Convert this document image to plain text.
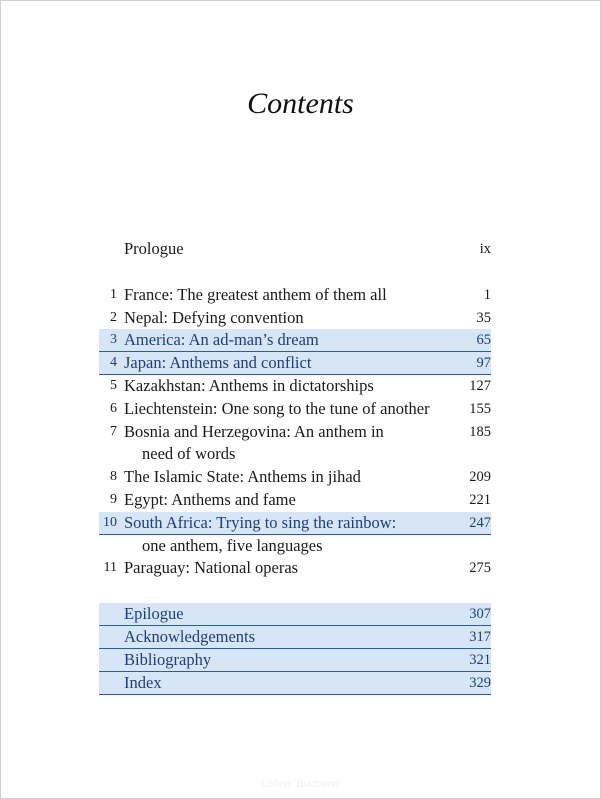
Contents
Prologue	ix
1 France: The greatest anthem of them all	1
2 Nepal: Defying convention	35
3 America: An ad-man’s dream	65
4 Japan: Anthems and conflict	97
5 Kazakhstan: Anthems in dictatorships	127
6 Liechtenstein: One song to the tune of another	155
7 Bosnia and Herzegovina: An anthem in	185
need of words
8 The Islamic State: Anthems in jihad	209
9 Egypt: Anthems and fame	221
10 South Africa: Trying to sing the rainbow:	247
one anthem, five languages
11 Paraguay: National operas	275
Epilogue	307
Acknowledgements	317
Bibliography	321
Index	329
Lehrer Bücherei
